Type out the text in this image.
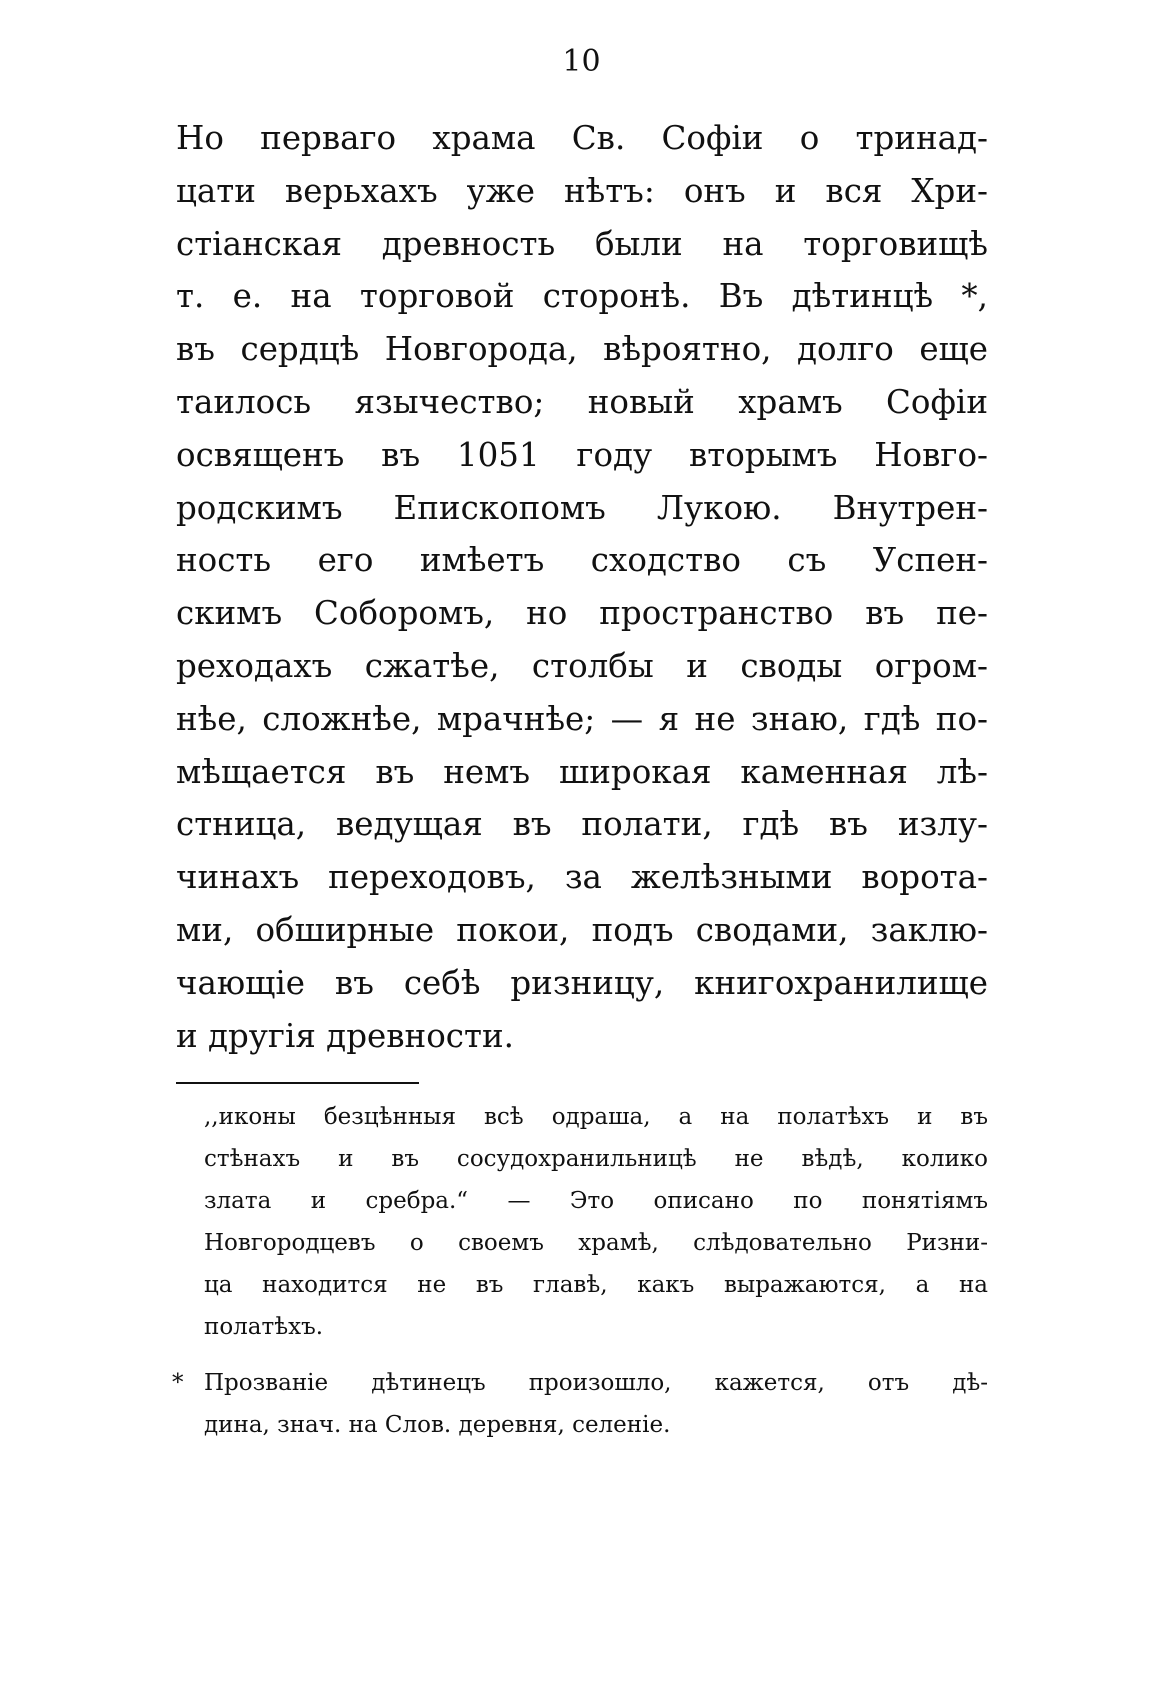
10
Но перваго храма Св. Софіи о тринад-
цати верьхахъ уже нѣтъ: онъ и вся Хри-
стіанская древность были на торговищѣ
т. е. на торговой сторонѣ. Въ дѣтинцѣ *,
въ сердцѣ Новгорода, вѣроятно, долго еще
таилось язычество; новый храмъ Софіи
освященъ въ 1051 году вторымъ Новго-
родскимъ Епископомъ Лукою. Внутрен-
ность его имѣетъ сходство съ Успен-
скимъ Соборомъ, но пространство въ пе-
реходахъ сжатѣе, столбы и своды огром-
нѣе, сложнѣе, мрачнѣе; — я не знаю, гдѣ по-
мѣщается въ немъ широкая каменная лѣ-
стница, ведущая въ полати, гдѣ въ излу-
чинахъ переходовъ, за желѣзными ворота-
ми, обширные покои, подъ сводами, заклю-
чающіе въ себѣ ризницу, книгохранилище
и другія древности.
,,иконы безцѣнныя всѣ одраша, а на полатѣхъ и въ
стѣнахъ и въ сосудохранильницѣ не вѣдѣ, колико
злата и сребра.“ — Это описано по понятіямъ
Новгородцевъ о своемъ храмѣ, слѣдовательно Ризни-
ца находится не въ главѣ, какъ выражаются, а на
полатѣхъ.
* Прозваніе дѣтинецъ произошло, кажется, отъ дѣ-
дина, знач. на Слов. деревня, селеніе.
